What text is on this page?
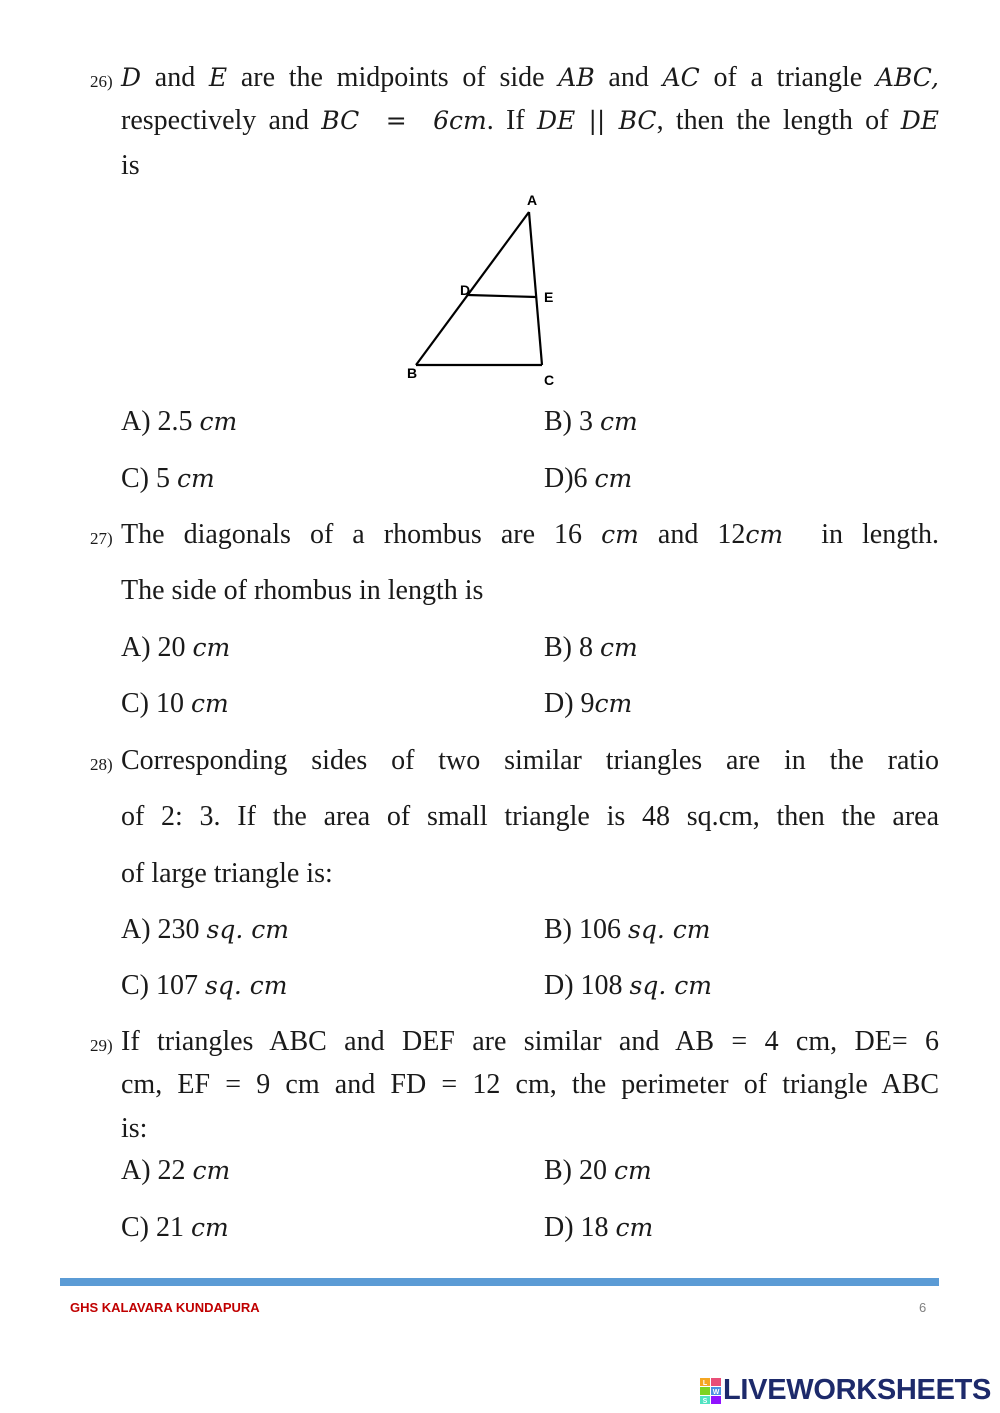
26) D and E are the midpoints of side AB and AC of a triangle ABC,
respectively and BC  =  6cm. If DE || BC, then the length of DE
is
A
D	E
B	C
A) 2.5 cm	B) 3 cm
C) 5 cm	D)6 cm
27) The diagonals of a rhombus are 16 cm and 12cm  in length.
The side of rhombus in length is
A) 20 cm	B) 8 cm
C) 10 cm	D) 9cm
28) Corresponding sides of two similar triangles are in the ratio
of 2: 3. If the area of small triangle is 48 sq.cm, then the area
of large triangle is:
A) 230 sq. cm	B) 106 sq. cm
C) 107 sq. cm	D) 108 sq. cm
29) If triangles ABC and DEF are similar and AB = 4 cm, DE= 6
cm, EF = 9 cm and FD = 12 cm, the perimeter of triangle ABC
is:
A) 22 cm	B) 20 cm
C) 21 cm	D) 18 cm
GHS KALAVARA KUNDAPURA	6
L
W
S LIVEWORKSHEETS
